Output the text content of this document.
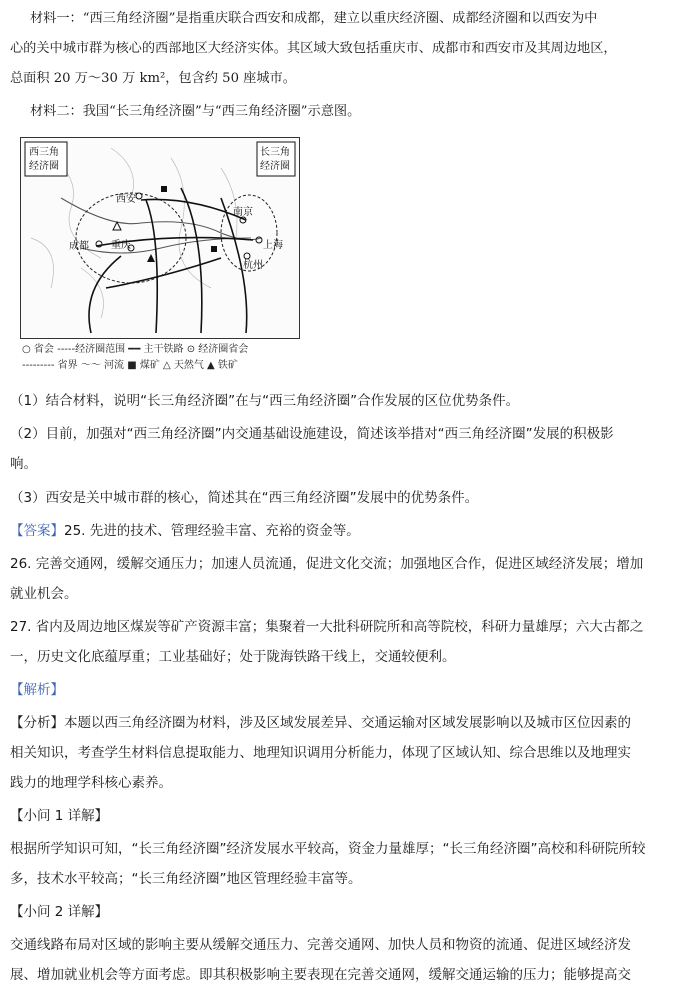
材料一：“西三角经济圈”是指重庆联合西安和成都，建立以重庆经济圈、成都经济圈和以西安为中
心的关中城市群为核心的西部地区大经济实体。其区域大致包括重庆市、成都市和西安市及其周边地区，
总面积 20 万～30 万 km²，包含约 50 座城市。
材料二：我国“长三角经济圈”与“西三角经济圈”示意图。
西三角
经济圈
长三角
经济圈
西安
成都 重庆
南京
上海
杭州
○ 省会 -----经济圈范围 ━━ 主干铁路 ⊙ 经济圈省会
--------- 省界 〜〜 河流 ■ 煤矿 △ 天然气 ▲ 铁矿
（1）结合材料，说明“长三角经济圈”在与“西三角经济圈”合作发展的区位优势条件。
（2）目前，加强对“西三角经济圈”内交通基础设施建设，简述该举措对“西三角经济圈”发展的积极影
响。
（3）西安是关中城市群的核心，简述其在“西三角经济圈”发展中的优势条件。
【答案】25. 先进的技术、管理经验丰富、充裕的资金等。
26. 完善交通网，缓解交通压力；加速人员流通，促进文化交流；加强地区合作，促进区域经济发展；增加
就业机会。
27. 省内及周边地区煤炭等矿产资源丰富；集聚着一大批科研院所和高等院校，科研力量雄厚；六大古都之
一，历史文化底蕴厚重；工业基础好；处于陇海铁路干线上，交通较便利。
【解析】
【分析】本题以西三角经济圈为材料，涉及区域发展差异、交通运输对区域发展影响以及城市区位因素的
相关知识，考查学生材料信息提取能力、地理知识调用分析能力，体现了区域认知、综合思维以及地理实
践力的地理学科核心素养。
【小问 1 详解】
根据所学知识可知，“长三角经济圈”经济发展水平较高，资金力量雄厚；“长三角经济圈”高校和科研院所较
多，技术水平较高；“长三角经济圈”地区管理经验丰富等。
【小问 2 详解】
交通线路布局对区域的影响主要从缓解交通压力、完善交通网、加快人员和物资的流通、促进区域经济发
展、增加就业机会等方面考虑。即其积极影响主要表现在完善交通网，缓解交通运输的压力；能够提高交
